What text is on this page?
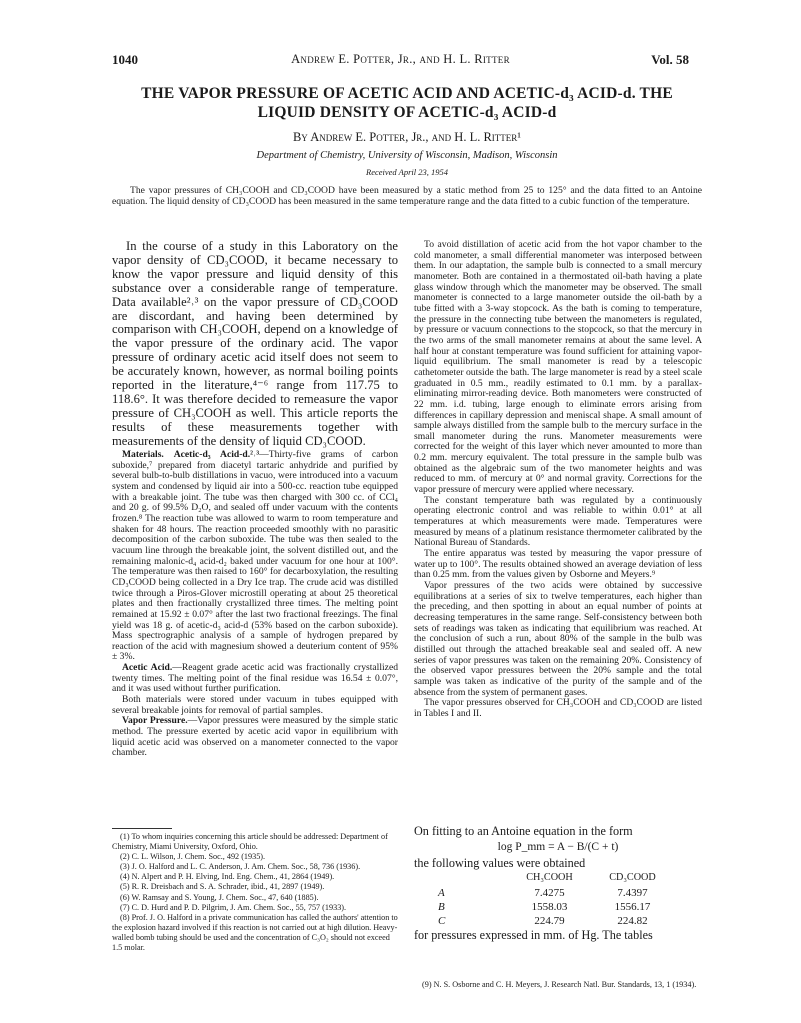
1040	Andrew E. Potter, Jr., and H. L. Ritter	Vol. 58
THE VAPOR PRESSURE OF ACETIC ACID AND ACETIC-d₃ ACID-d. THE
LIQUID DENSITY OF ACETIC-d₃ ACID-d
By Andrew E. Potter, Jr., and H. L. Ritter¹
Department of Chemistry, University of Wisconsin, Madison, Wisconsin
Received April 23, 1954
The vapor pressures of CH₃COOH and CD₃COOD have been measured by a static method from 25 to 125° and the data fitted to an Antoine equation. The liquid density of CD₃COOD has been measured in the same temperature range and the data fitted to a cubic function of the temperature.

In the course of a study in this Laboratory on the vapor density of CD₃COOD, it became necessary to know the vapor pressure and liquid density of this substance over a considerable range of temperature. Data available²˒³ on the vapor pressure of CD₃COOD are discordant, and having been determined by comparison with CH₃COOH, depend on a knowledge of the vapor pressure of the ordinary acid. The vapor pressure of ordinary acetic acid itself does not seem to be accurately known, however, as normal boiling points reported in the literature,⁴⁻⁶ range from 117.75 to 118.6°. It was therefore decided to remeasure the vapor pressure of CH₃COOH as well. This article reports the results of these measurements together with measurements of the density of liquid CD₃COOD.

Materials. Acetic-d₃ Acid-d.²˒³—Thirty-five grams of carbon suboxide,⁷ prepared from diacetyl tartaric anhydride and purified by several bulb-to-bulb distillations in vacuo, were introduced into a vacuum system and condensed by liquid air into a 500-cc. reaction tube equipped with a breakable joint. The tube was then charged with 300 cc. of CCl₄ and 20 g. of 99.5% D₂O, and sealed off under vacuum with the contents frozen.⁸ The reaction tube was allowed to warm to room temperature and shaken for 48 hours. The reaction proceeded smoothly with no parasitic decomposition of the carbon suboxide. The tube was then sealed to the vacuum line through the breakable joint, the solvent distilled out, and the remaining malonic-d₄ acid-d₂ baked under vacuum for one hour at 100°. The temperature was then raised to 160° for decarboxylation, the resulting CD₃COOD being collected in a Dry Ice trap. The crude acid was distilled twice through a Piros-Glover microstill operating at about 25 theoretical plates and then fractionally crystallized three times. The melting point remained at 15.92 ± 0.07° after the last two fractional freezings. The final yield was 18 g. of acetic-d₃ acid-d (53% based on the carbon suboxide). Mass spectrographic analysis of a sample of hydrogen prepared by reaction of the acid with magnesium showed a deuterium content of 95% ± 3%.

Acetic Acid.—Reagent grade acetic acid was fractionally crystallized twenty times. The melting point of the final residue was 16.54 ± 0.07°, and it was used without further purification.

Both materials were stored under vacuum in tubes equipped with several breakable joints for removal of partial samples.

Vapor Pressure.—Vapor pressures were measured by the simple static method. The pressure exerted by acetic acid vapor in equilibrium with liquid acetic acid was observed on a manometer connected to the vapor chamber.

(1) To whom inquiries concerning this article should be addressed: Department of Chemistry, Miami University, Oxford, Ohio.
(2) C. L. Wilson, J. Chem. Soc., 492 (1935).
(3) J. O. Halford and L. C. Anderson, J. Am. Chem. Soc., 58, 736 (1936).
(4) N. Alpert and P. H. Elving, Ind. Eng. Chem., 41, 2864 (1949).
(5) R. R. Dreisbach and S. A. Schrader, ibid., 41, 2897 (1949).
(6) W. Ramsay and S. Young, J. Chem. Soc., 47, 640 (1885).
(7) C. D. Hurd and P. D. Pilgrim, J. Am. Chem. Soc., 55, 757 (1933).
(8) Prof. J. O. Halford in a private communication has called the authors' attention to the explosion hazard involved if this reaction is not carried out at high dilution. Heavy-walled bomb tubing should be used and the concentration of C₃O₂ should not exceed 1.5 molar.

To avoid distillation of acetic acid from the hot vapor chamber to the cold manometer, a small differential manometer was interposed between them. In our adaptation, the sample bulb is connected to a small mercury manometer. Both are contained in a thermostated oil-bath having a plate glass window through which the manometer may be observed. The small manometer is connected to a large manometer outside the oil-bath by a tube fitted with a 3-way stopcock. As the bath is coming to temperature, the pressure in the connecting tube between the manometers is regulated, by pressure or vacuum connections to the stopcock, so that the mercury in the two arms of the small manometer remains at about the same level. A half hour at constant temperature was found sufficient for attaining vapor-liquid equilibrium. The small manometer is read by a telescopic cathetometer outside the bath. The large manometer is read by a steel scale graduated in 0.5 mm., readily estimated to 0.1 mm. by a parallax-eliminating mirror-reading device. Both manometers were constructed of 22 mm. i.d. tubing, large enough to eliminate errors arising from differences in capillary depression and meniscal shape. A small amount of sample always distilled from the sample bulb to the mercury surface in the small manometer during the runs. Manometer measurements were corrected for the weight of this layer which never amounted to more than 0.2 mm. mercury equivalent. The total pressure in the sample bulb was obtained as the algebraic sum of the two manometer heights and was reduced to mm. of mercury at 0° and normal gravity. Corrections for the vapor pressure of mercury were applied where necessary.

The constant temperature bath was regulated by a continuously operating electronic control and was reliable to within 0.01° at all temperatures at which measurements were made. Temperatures were measured by means of a platinum resistance thermometer calibrated by the National Bureau of Standards.

The entire apparatus was tested by measuring the vapor pressure of water up to 100°. The results obtained showed an average deviation of less than 0.25 mm. from the values given by Osborne and Meyers.⁹

Vapor pressures of the two acids were obtained by successive equilibrations at a series of six to twelve temperatures, each higher than the preceding, and then spotting in about an equal number of points at decreasing temperatures in the same range. Self-consistency between both sets of readings was taken as indicating that equilibrium was reached. At the conclusion of such a run, about 80% of the sample in the bulb was distilled out through the attached breakable seal and sealed off. A new series of vapor pressures was taken on the remaining 20%. Consistency of the observed vapor pressures between the 20% sample and the total sample was taken as indicative of the purity of the sample and of the absence from the system of permanent gases.

The vapor pressures observed for CH₃COOH and CD₃COOD are listed in Tables I and II.

On fitting to an Antoine equation in the form
log P_mm = A − B/(C + t)
the following values were obtained
	CH₃COOH	CD₃COOD
A	7.4275	7.4397
B	1558.03	1556.17
C	224.79	224.82
for pressures expressed in mm. of Hg. The tables
(9) N. S. Osborne and C. H. Meyers, J. Research Natl. Bur. Standards, 13, 1 (1934).
